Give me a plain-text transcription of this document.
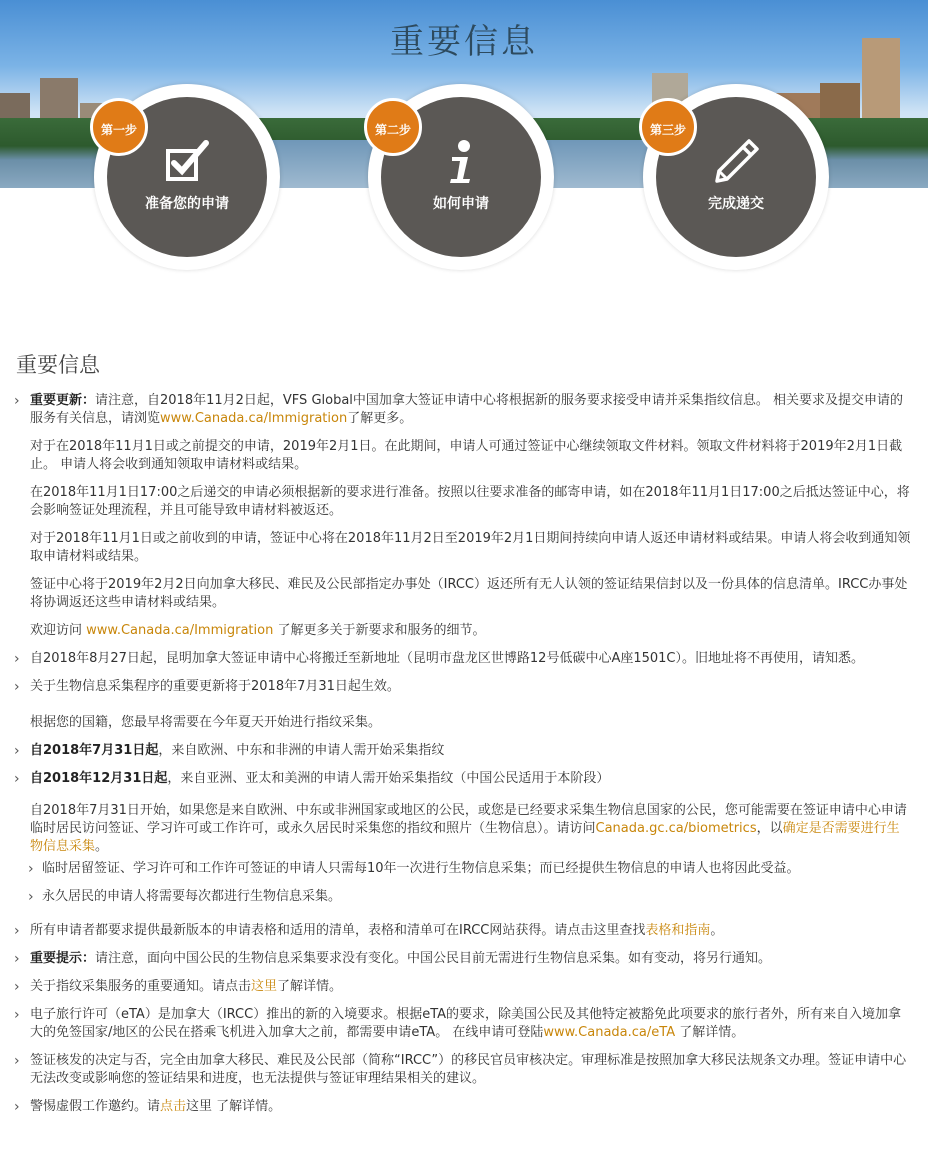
重要信息
准备您的申请
第一步
如何申请
第二步
完成递交
第三步
重要信息
› 重要更新：请注意，自2018年11月2日起，VFS Global中国加拿大签证申请中心将根据新的服务要求接受申请并采集指纹信息。 相关要求及提交申请的服务有关信息，请浏览www.Canada.ca/Immigration了解更多。
对于在2018年11月1日或之前提交的申请，2019年2月1日。在此期间，申请人可通过签证中心继续领取文件材料。领取文件材料将于2019年2月1日截止。 申请人将会收到通知领取申请材料或结果。
在2018年11月1日17:00之后递交的申请必须根据新的要求进行准备。按照以往要求准备的邮寄申请，如在2018年11月1日17:00之后抵达签证中心，将会影响签证处理流程，并且可能导致申请材料被返还。
对于2018年11月1日或之前收到的申请，签证中心将在2018年11月2日至2019年2月1日期间持续向申请人返还申请材料或结果。申请人将会收到通知领取申请材料或结果。
签证中心将于2019年2月2日向加拿大移民、难民及公民部指定办事处（IRCC）返还所有无人认领的签证结果信封以及一份具体的信息清单。IRCC办事处将协调返还这些申请材料或结果。
欢迎访问 www.Canada.ca/Immigration 了解更多关于新要求和服务的细节。
› 自2018年8月27日起，昆明加拿大签证申请中心将搬迁至新地址（昆明市盘龙区世博路12号低碳中心A座1501C）。旧地址将不再使用，请知悉。
› 关于生物信息采集程序的重要更新将于2018年7月31日起生效。
根据您的国籍，您最早将需要在今年夏天开始进行指纹采集。
› 自2018年7月31日起，来自欧洲、中东和非洲的申请人需开始采集指纹
› 自2018年12月31日起，来自亚洲、亚太和美洲的申请人需开始采集指纹（中国公民适用于本阶段）
自2018年7月31日开始，如果您是来自欧洲、中东或非洲国家或地区的公民，或您是已经要求采集生物信息国家的公民，您可能需要在签证申请中心申请临时居民访问签证、学习许可或工作许可，或永久居民时采集您的指纹和照片（生物信息）。请访问Canada.gc.ca/biometrics，以确定是否需要进行生物信息采集。
› 临时居留签证、学习许可和工作许可签证的申请人只需每10年一次进行生物信息采集；而已经提供生物信息的申请人也将因此受益。
› 永久居民的申请人将需要每次都进行生物信息采集。
› 所有申请者都要求提供最新版本的申请表格和适用的清单，表格和清单可在IRCC网站获得。请点击这里查找表格和指南。
› 重要提示：请注意，面向中国公民的生物信息采集要求没有变化。中国公民目前无需进行生物信息采集。如有变动，将另行通知。
› 关于指纹采集服务的重要通知。请点击这里了解详情。
› 电子旅行许可（eTA）是加拿大（IRCC）推出的新的入境要求。根据eTA的要求，除美国公民及其他特定被豁免此项要求的旅行者外，所有来自入境加拿大的免签国家/地区的公民在搭乘飞机进入加拿大之前，都需要申请eTA。 在线申请可登陆www.Canada.ca/eTA 了解详情。
› 签证核发的决定与否，完全由加拿大移民、难民及公民部（简称“IRCC”）的移民官员审核决定。审理标准是按照加拿大移民法规条文办理。签证申请中心无法改变或影响您的签证结果和进度，也无法提供与签证审理结果相关的建议。
› 警惕虚假工作邀约。请点击这里 了解详情。
